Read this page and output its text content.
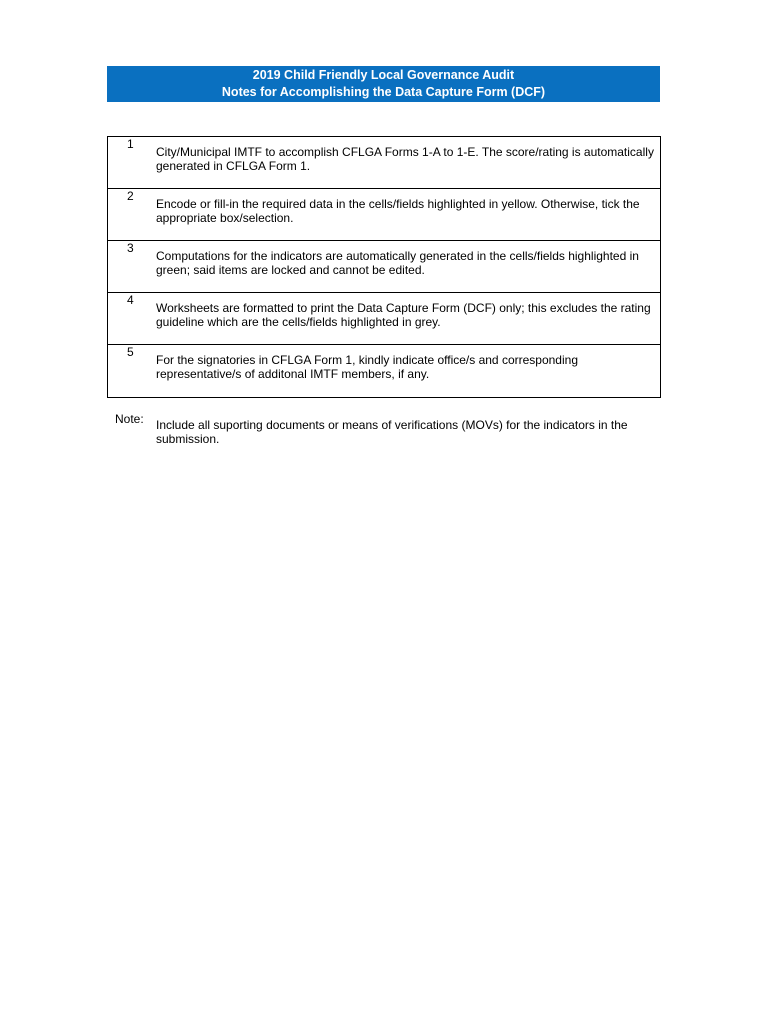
2019 Child Friendly Local Governance Audit
Notes for Accomplishing the Data Capture Form (DCF)
1
City/Municipal IMTF to accomplish CFLGA Forms 1-A to 1-E. The score/rating is automatically generated in CFLGA Form 1.
2
Encode or fill-in the required data in the cells/fields highlighted in yellow. Otherwise, tick the appropriate box/selection.
3
Computations for the indicators are automatically generated in the cells/fields highlighted in green; said items are locked and cannot be edited.
4
Worksheets are formatted to print the Data Capture Form (DCF) only; this excludes the rating guideline which are the cells/fields highlighted in grey.
5
For the signatories in CFLGA Form 1, kindly indicate office/s and corresponding representative/s of additonal IMTF members, if any.
Note: Include all suporting documents or means of verifications (MOVs) for the indicators in the submission.
